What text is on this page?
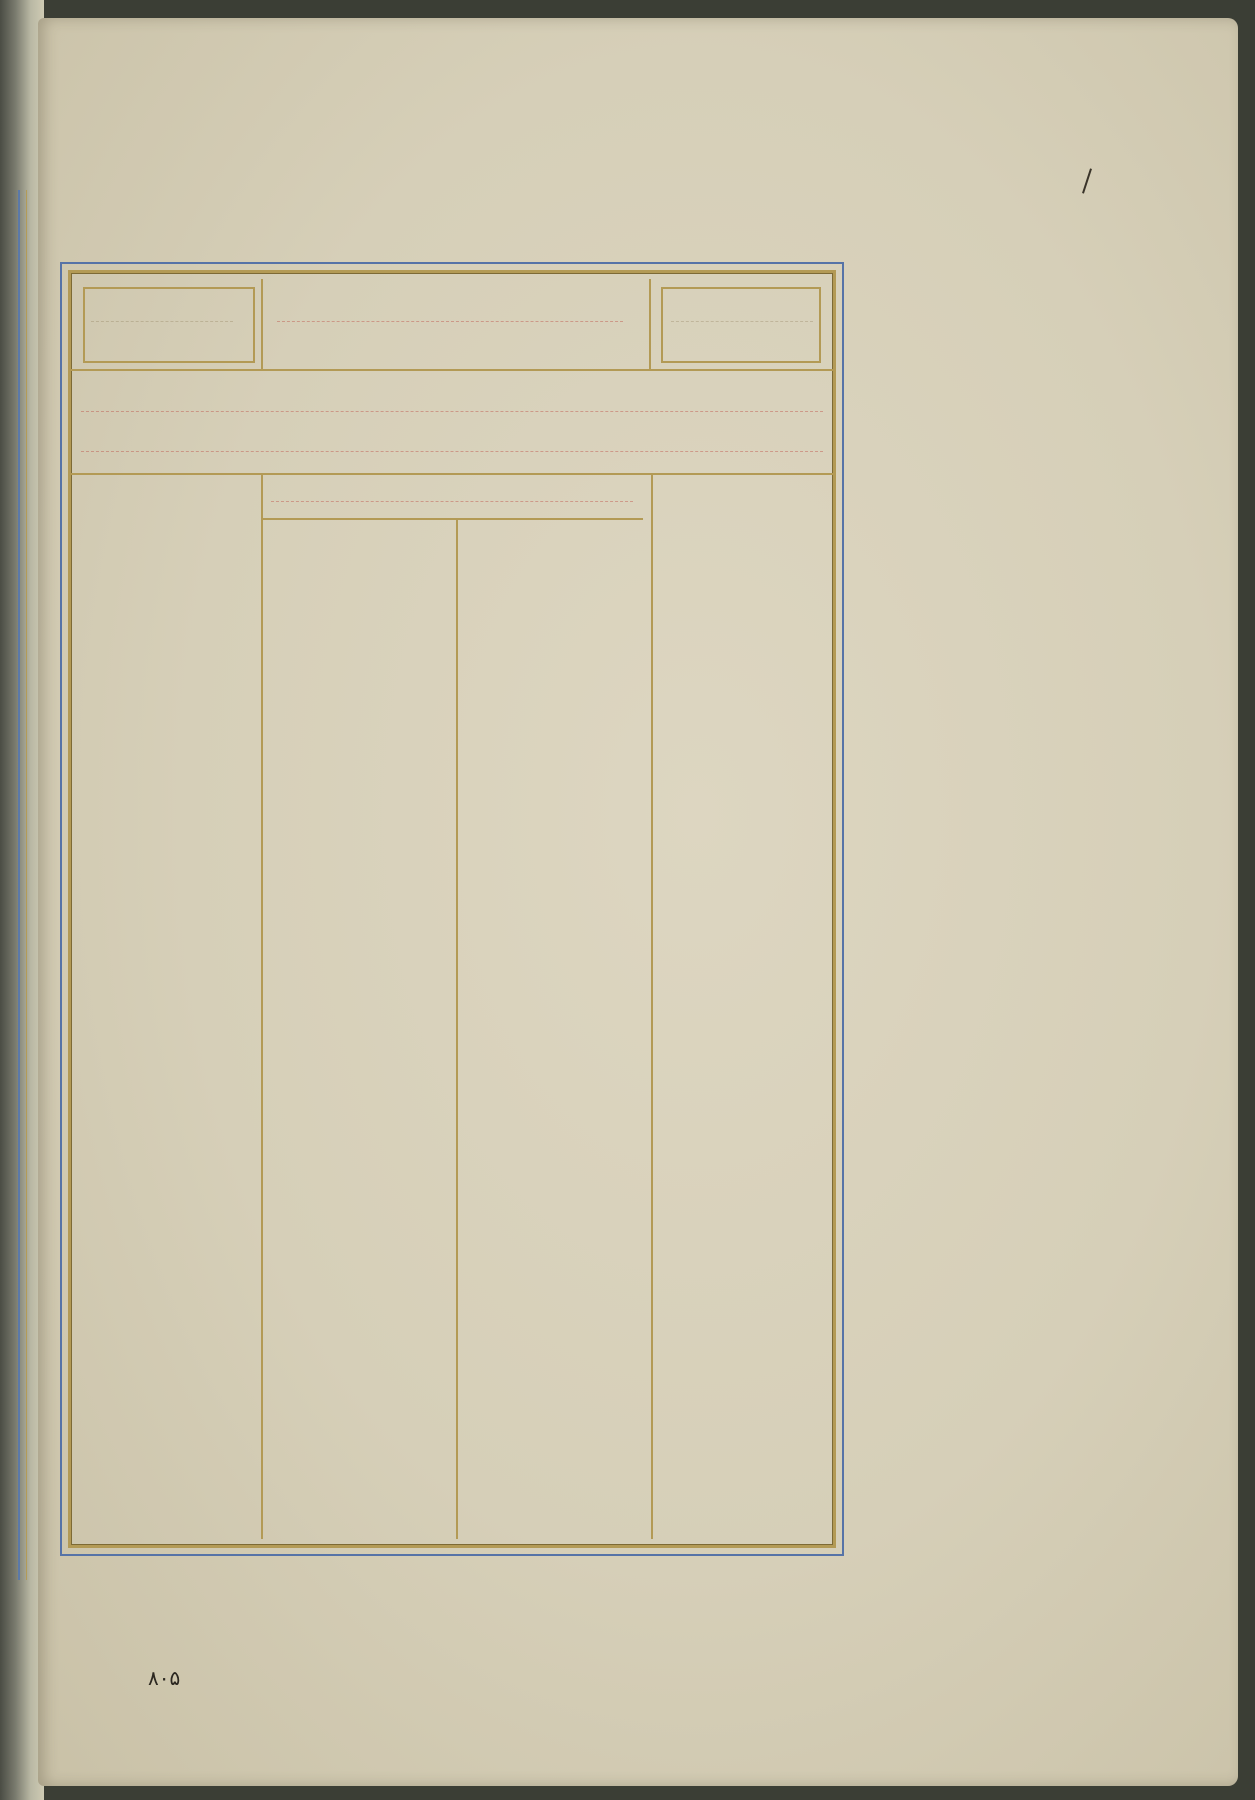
۸۰۵
